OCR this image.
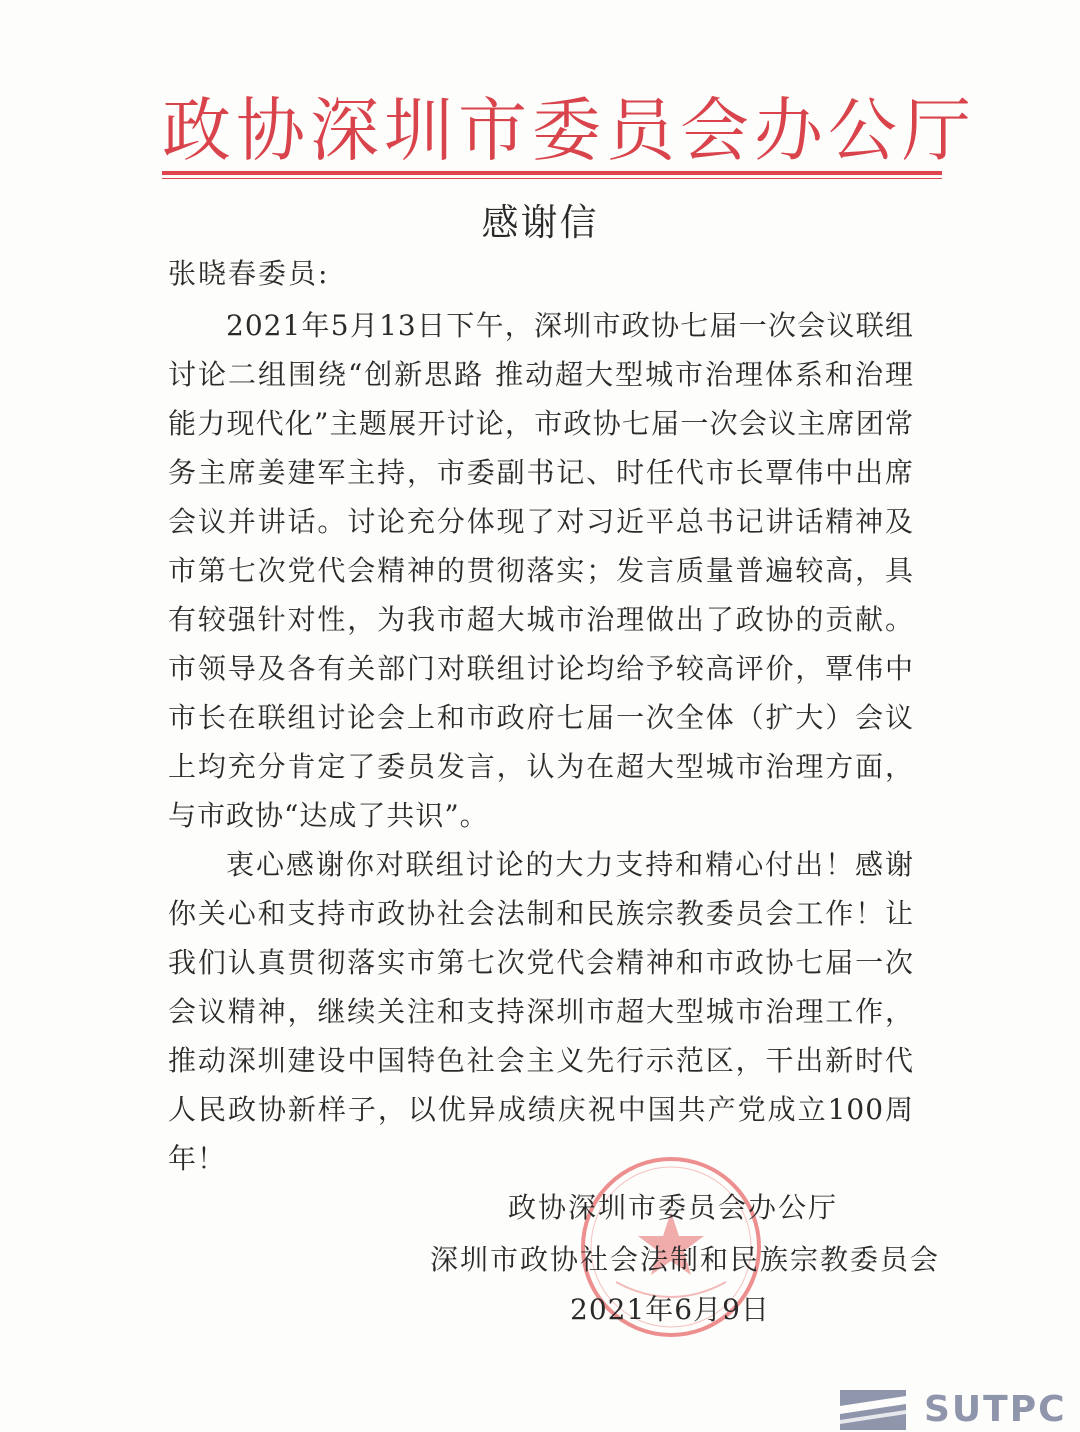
政协深圳市委员会办公厅
感谢信
张晓春委员:

2021年5月13日下午，深圳市政协七届一次会议联组讨论二组围绕“创新思路 推动超大型城市治理体系和治理能力现代化”主题展开讨论，市政协七届一次会议主席团常务主席姜建军主持，市委副书记、时任代市长覃伟中出席会议并讲话。讨论充分体现了对习近平总书记讲话精神及市第七次党代会精神的贯彻落实；发言质量普遍较高，具有较强针对性，为我市超大城市治理做出了政协的贡献。市领导及各有关部门对联组讨论均给予较高评价，覃伟中市长在联组讨论会上和市政府七届一次全体（扩大）会议上均充分肯定了委员发言，认为在超大型城市治理方面，与市政协“达成了共识”。

衷心感谢你对联组讨论的大力支持和精心付出！感谢你关心和支持市政协社会法制和民族宗教委员会工作！让我们认真贯彻落实市第七次党代会精神和市政协七届一次会议精神，继续关注和支持深圳市超大型城市治理工作，推动深圳建设中国特色社会主义先行示范区，干出新时代人民政协新样子，以优异成绩庆祝中国共产党成立100周年！

政协深圳市委员会办公厅
深圳市政协社会法制和民族宗教委员会
2021年6月9日
SUTPC
